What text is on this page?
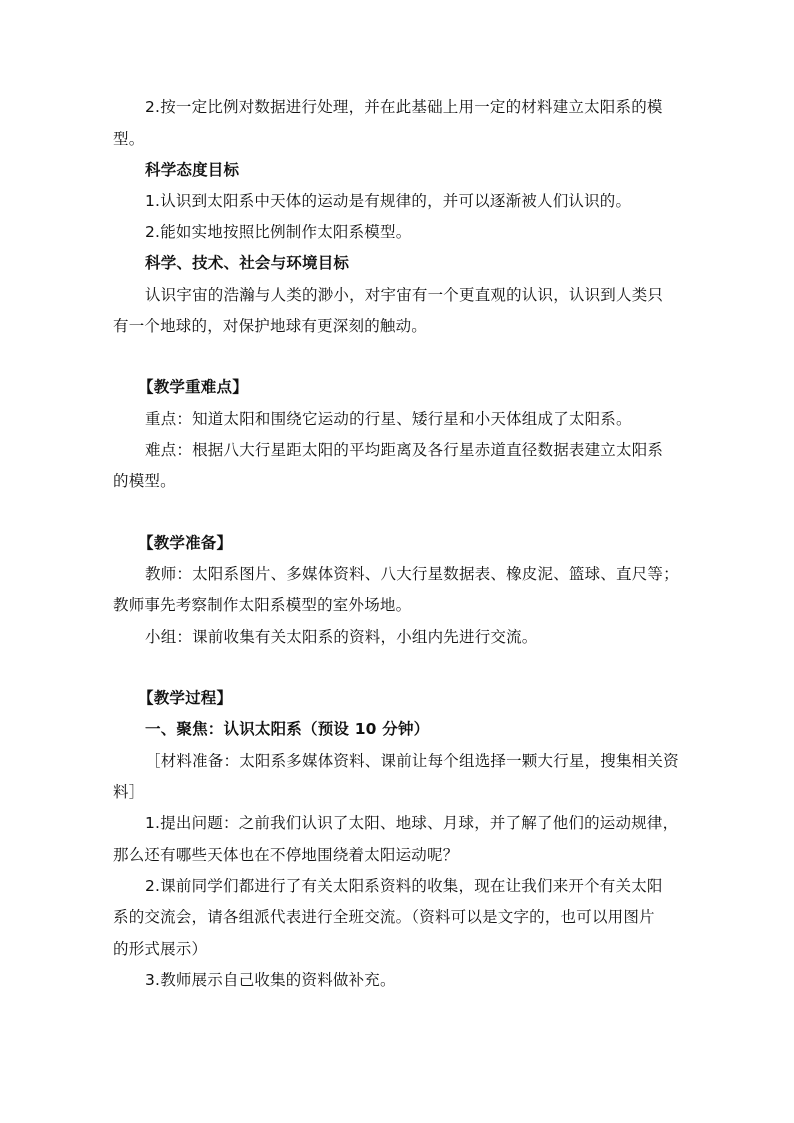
2.按一定比例对数据进行处理，并在此基础上用一定的材料建立太阳系的模
型。
科学态度目标
1.认识到太阳系中天体的运动是有规律的，并可以逐渐被人们认识的。
2.能如实地按照比例制作太阳系模型。
科学、技术、社会与环境目标
认识宇宙的浩瀚与人类的渺小，对宇宙有一个更直观的认识，认识到人类只
有一个地球的，对保护地球有更深刻的触动。
【教学重难点】
重点：知道太阳和围绕它运动的行星、矮行星和小天体组成了太阳系。
难点：根据八大行星距太阳的平均距离及各行星赤道直径数据表建立太阳系
的模型。
【教学准备】
教师：太阳系图片、多媒体资料、八大行星数据表、橡皮泥、篮球、直尺等；
教师事先考察制作太阳系模型的室外场地。
小组：课前收集有关太阳系的资料，小组内先进行交流。
【教学过程】
一、聚焦：认识太阳系（预设 10 分钟）
［材料准备：太阳系多媒体资料、课前让每个组选择一颗大行星，搜集相关资
料］
1.提出问题：之前我们认识了太阳、地球、月球，并了解了他们的运动规律，
那么还有哪些天体也在不停地围绕着太阳运动呢？
2.课前同学们都进行了有关太阳系资料的收集，现在让我们来开个有关太阳
系的交流会，请各组派代表进行全班交流。（资料可以是文字的，也可以用图片
的形式展示）
3.教师展示自己收集的资料做补充。
